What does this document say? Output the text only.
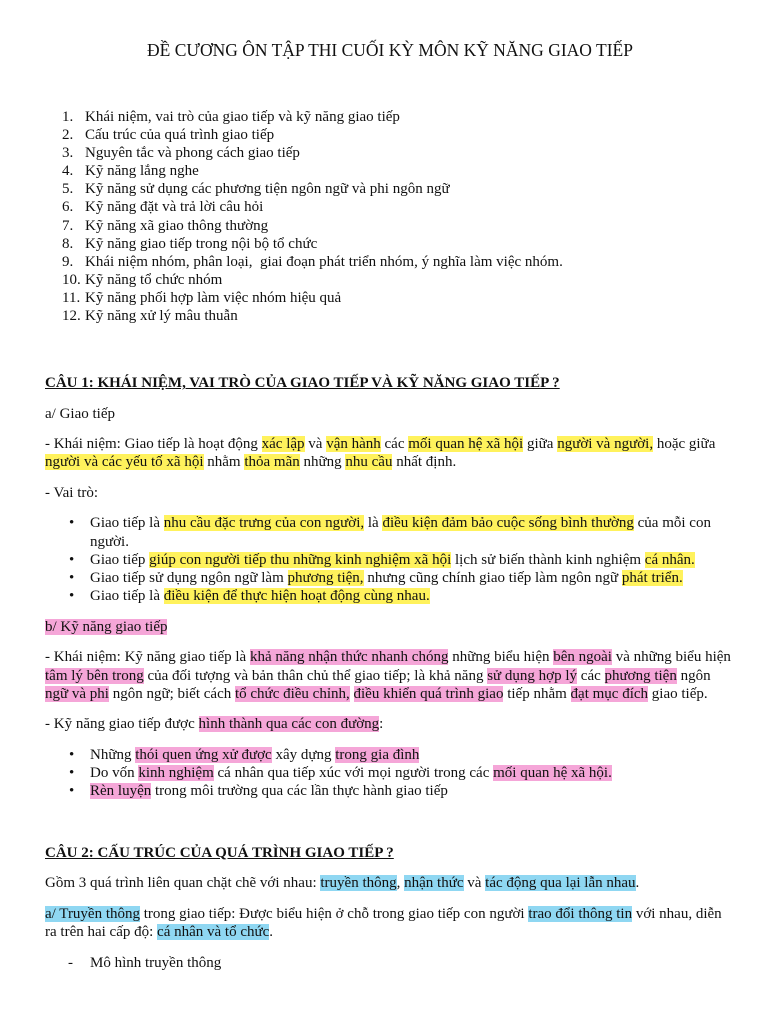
ĐỀ CƯƠNG ÔN TẬP THI CUỐI KỲ MÔN KỸ NĂNG GIAO TIẾP
1. Khái niệm, vai trò của giao tiếp và kỹ năng giao tiếp
2. Cấu trúc của quá trình giao tiếp
3. Nguyên tắc và phong cách giao tiếp
4. Kỹ năng lắng nghe
5. Kỹ năng sử dụng các phương tiện ngôn ngữ và phi ngôn ngữ
6. Kỹ năng đặt và trả lời câu hỏi
7. Kỹ năng xã giao thông thường
8. Kỹ năng giao tiếp trong nội bộ tổ chức
9. Khái niệm nhóm, phân loại,  giai đoạn phát triển nhóm, ý nghĩa làm việc nhóm.
10. Kỹ năng tổ chức nhóm
11. Kỹ năng phối hợp làm việc nhóm hiệu quả
12. Kỹ năng xử lý mâu thuẫn
CÂU 1: KHÁI NIỆM, VAI TRÒ CỦA GIAO TIẾP VÀ KỸ NĂNG GIAO TIẾP ?
a/ Giao tiếp
- Khái niệm: Giao tiếp là hoạt động xác lập và vận hành các mối quan hệ xã hội giữa người và người, hoặc giữa
người và các yếu tố xã hội nhằm thỏa mãn những nhu cầu nhất định.
- Vai trò:
• Giao tiếp là nhu cầu đặc trưng của con người, là điều kiện đảm bảo cuộc sống bình thường của mỗi con
người.
• Giao tiếp giúp con người tiếp thu những kinh nghiệm xã hội lịch sử biến thành kinh nghiệm cá nhân.
• Giao tiếp sử dụng ngôn ngữ làm phương tiện, nhưng cũng chính giao tiếp làm ngôn ngữ phát triển.
• Giao tiếp là điều kiện để thực hiện hoạt động cùng nhau.
b/ Kỹ năng giao tiếp
- Khái niệm: Kỹ năng giao tiếp là khả năng nhận thức nhanh chóng những biểu hiện bên ngoài và những biểu hiện
tâm lý bên trong của đối tượng và bản thân chủ thể giao tiếp; là khả năng sử dụng hợp lý các phương tiện ngôn
ngữ và phi ngôn ngữ; biết cách tổ chức điều chỉnh, điều khiển quá trình giao tiếp nhằm đạt mục đích giao tiếp.
- Kỹ năng giao tiếp được hình thành qua các con đường:
• Những thói quen ứng xử được xây dựng trong gia đình
• Do vốn kinh nghiệm cá nhân qua tiếp xúc với mọi người trong các mối quan hệ xã hội.
• Rèn luyện trong môi trường qua các lần thực hành giao tiếp
CÂU 2: CẤU TRÚC CỦA QUÁ TRÌNH GIAO TIẾP ?
Gồm 3 quá trình liên quan chặt chẽ với nhau: truyền thông, nhận thức và tác động qua lại lẫn nhau.
a/ Truyền thông trong giao tiếp: Được biểu hiện ở chỗ trong giao tiếp con người trao đổi thông tin với nhau, diễn
ra trên hai cấp độ: cá nhân và tổ chức.
- Mô hình truyền thông
